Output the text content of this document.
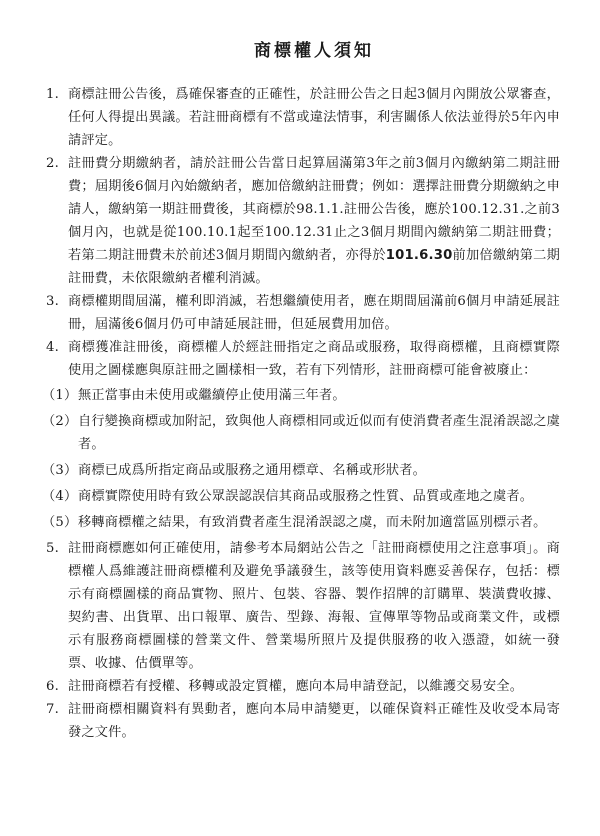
商標權人須知
1. 商標註冊公告後，爲確保審查的正確性，於註冊公告之日起3個月內開放公眾審查，任何人得提出異議。若註冊商標有不當或違法情事，利害關係人依法並得於5年內申請評定。
2. 註冊費分期繳納者，請於註冊公告當日起算屆滿第3年之前3個月內繳納第二期註冊費；屆期後6個月內始繳納者，應加倍繳納註冊費；例如：選擇註冊費分期繳納之申請人，繳納第一期註冊費後，其商標於98.1.1.註冊公告後，應於100.12.31.之前3個月內，也就是從100.10.1起至100.12.31止之3個月期間內繳納第二期註冊費；若第二期註冊費未於前述3個月期間內繳納者，亦得於101.6.30前加倍繳納第二期註冊費，未依限繳納者權利消滅。
3. 商標權期間屆滿，權利即消滅，若想繼續使用者，應在期間屆滿前6個月申請延展註冊，屆滿後6個月仍可申請延展註冊，但延展費用加倍。
4. 商標獲准註冊後，商標權人於經註冊指定之商品或服務，取得商標權，且商標實際使用之圖樣應與原註冊之圖樣相一致，若有下列情形，註冊商標可能會被廢止：
（1） 無正當事由未使用或繼續停止使用滿三年者。
（2） 自行變換商標或加附記，致與他人商標相同或近似而有使消費者產生混淆誤認之虞者。
（3） 商標已成爲所指定商品或服務之通用標章、名稱或形狀者。
（4） 商標實際使用時有致公眾誤認誤信其商品或服務之性質、品質或產地之虞者。
（5） 移轉商標權之結果，有致消費者產生混淆誤認之虞，而未附加適當區別標示者。
5. 註冊商標應如何正確使用，請參考本局網站公告之「註冊商標使用之注意事項」。商標權人爲維護註冊商標權利及避免爭議發生，該等使用資料應妥善保存，包括：標示有商標圖樣的商品實物、照片、包裝、容器、製作招牌的訂購單、裝潢費收據、契約書、出貨單、出口報單、廣告、型錄、海報、宣傳單等物品或商業文件，或標示有服務商標圖樣的營業文件、營業場所照片及提供服務的收入憑證，如統一發票、收據、估價單等。
6. 註冊商標若有授權、移轉或設定質權，應向本局申請登記，以維護交易安全。
7. 註冊商標相關資料有異動者，應向本局申請變更，以確保資料正確性及收受本局寄發之文件。
